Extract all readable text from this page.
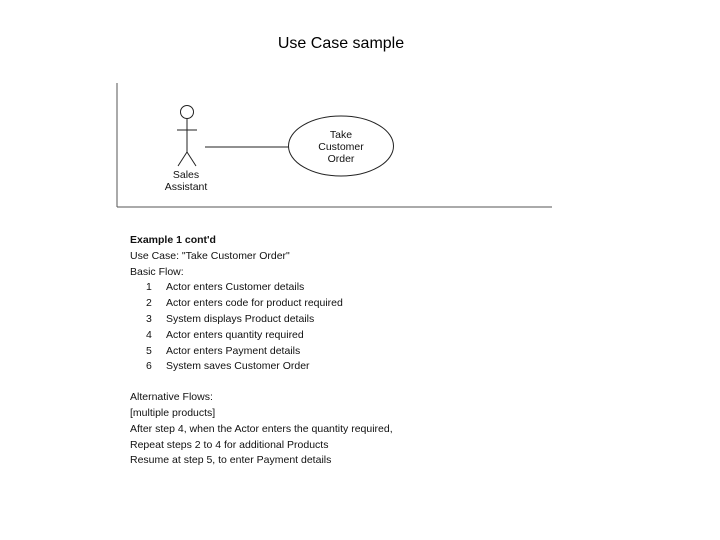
Use Case sample
Sales
Assistant
Take
Customer
Order
Example 1 cont'd
Use Case: "Take Customer Order"
Basic Flow:
1	Actor enters Customer details
2	Actor enters code for product required
3	System displays Product details
4	Actor enters quantity required
5	Actor enters Payment details
6	System saves Customer Order
Alternative Flows:
[multiple products]
After step 4, when the Actor enters the quantity required,
Repeat steps 2 to 4 for additional Products
Resume at step 5, to enter Payment details
